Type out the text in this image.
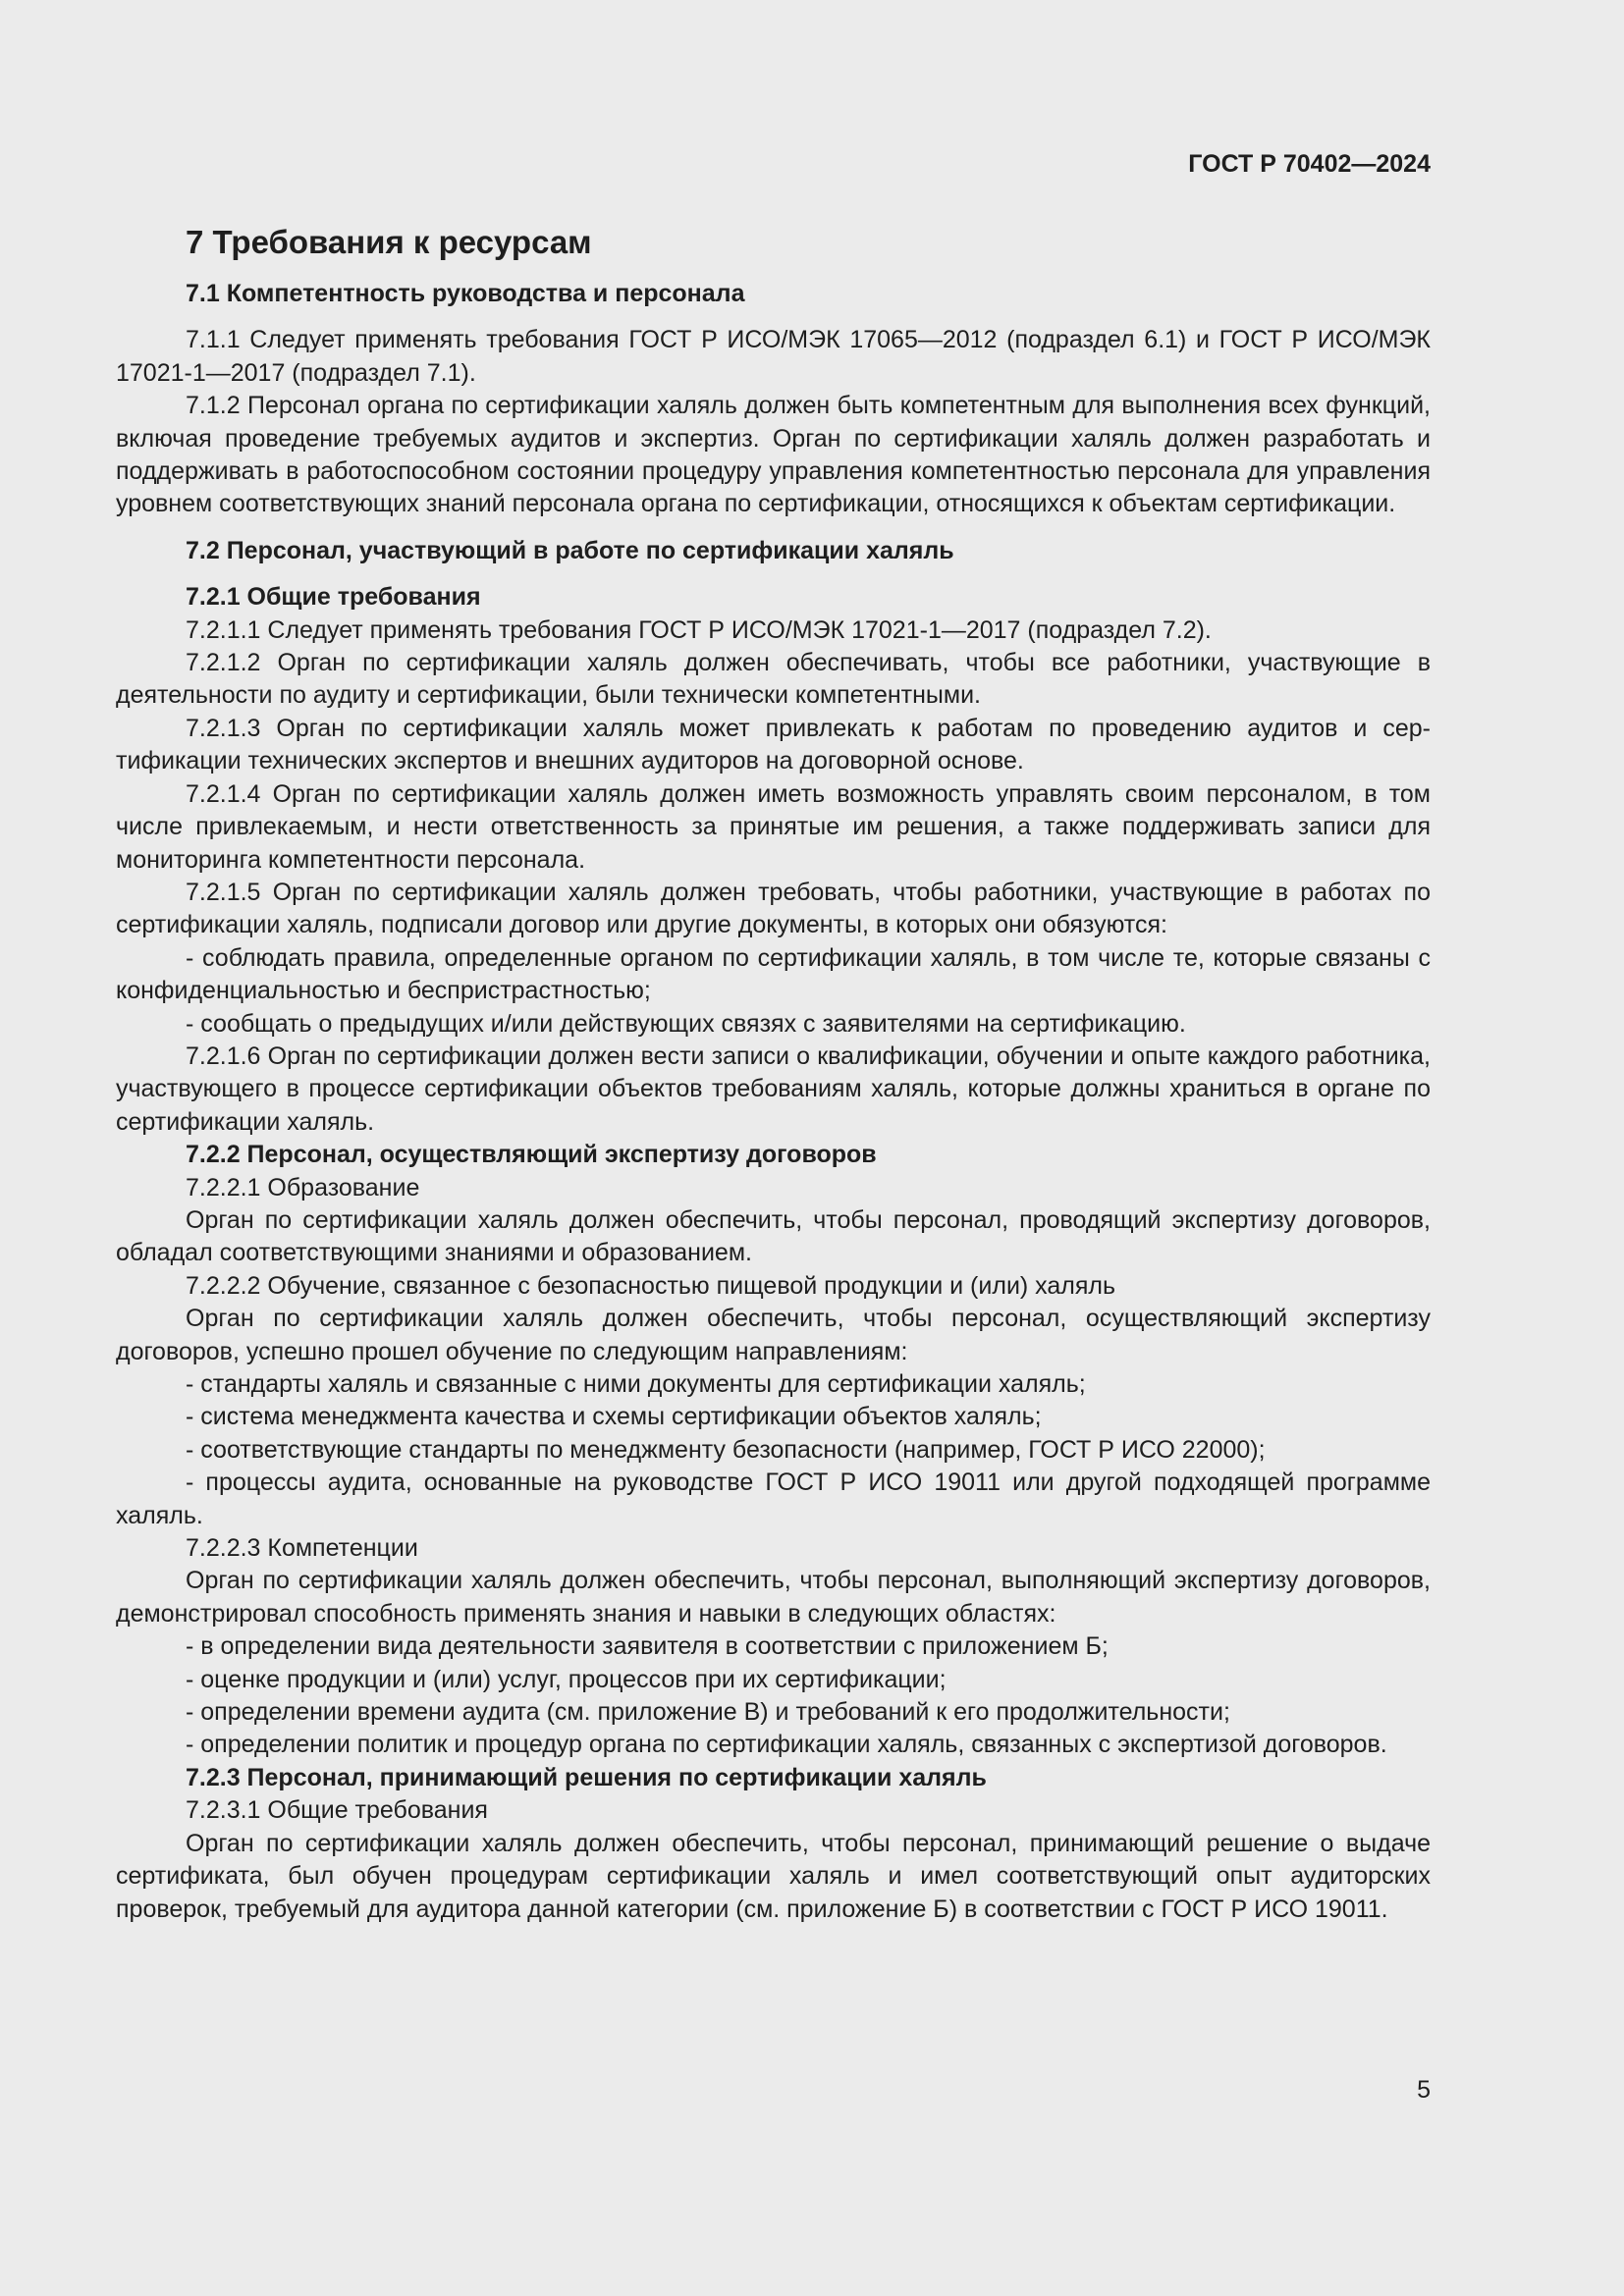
ГОСТ Р 70402—2024

7 Требования к ресурсам

7.1 Компетентность руководства и персонала

7.1.1 Следует применять требования ГОСТ Р ИСО/МЭК 17065—2012 (подраздел 6.1) и ГОСТ Р ИСО/МЭК 17021-1—2017 (подраздел 7.1).

7.1.2 Персонал органа по сертификации халяль должен быть компетентным для выполнения всех функций, включая проведение требуемых аудитов и экспертиз. Орган по сертификации халяль должен разработать и поддерживать в работоспособном состоянии процедуру управления компетентностью персонала для управления уровнем соответствующих знаний персонала органа по сертификации, относящихся к объектам сертификации.

7.2 Персонал, участвующий в работе по сертификации халяль

7.2.1 Общие требования

7.2.1.1 Следует применять требования ГОСТ Р ИСО/МЭК 17021-1—2017 (подраздел 7.2).

7.2.1.2 Орган по сертификации халяль должен обеспечивать, чтобы все работники, участвующие в деятельности по аудиту и сертификации, были технически компетентными.

7.2.1.3 Орган по сертификации халяль может привлекать к работам по проведению аудитов и сертификации технических экспертов и внешних аудиторов на договорной основе.

7.2.1.4 Орган по сертификации халяль должен иметь возможность управлять своим персоналом, в том числе привлекаемым, и нести ответственность за принятые им решения, а также поддерживать записи для мониторинга компетентности персонала.

7.2.1.5 Орган по сертификации халяль должен требовать, чтобы работники, участвующие в работах по сертификации халяль, подписали договор или другие документы, в которых они обязуются:

- соблюдать правила, определенные органом по сертификации халяль, в том числе те, которые связаны с конфиденциальностью и беспристрастностью;

- сообщать о предыдущих и/или действующих связях с заявителями на сертификацию.

7.2.1.6 Орган по сертификации должен вести записи о квалификации, обучении и опыте каждого работника, участвующего в процессе сертификации объектов требованиям халяль, которые должны храниться в органе по сертификации халяль.

7.2.2 Персонал, осуществляющий экспертизу договоров

7.2.2.1 Образование

Орган по сертификации халяль должен обеспечить, чтобы персонал, проводящий экспертизу договоров, обладал соответствующими знаниями и образованием.

7.2.2.2 Обучение, связанное с безопасностью пищевой продукции и (или) халяль

Орган по сертификации халяль должен обеспечить, чтобы персонал, осуществляющий экспертизу договоров, успешно прошел обучение по следующим направлениям:

- стандарты халяль и связанные с ними документы для сертификации халяль;

- система менеджмента качества и схемы сертификации объектов халяль;

- соответствующие стандарты по менеджменту безопасности (например, ГОСТ Р ИСО 22000);

- процессы аудита, основанные на руководстве ГОСТ Р ИСО 19011 или другой подходящей программе халяль.

7.2.2.3 Компетенции

Орган по сертификации халяль должен обеспечить, чтобы персонал, выполняющий экспертизу договоров, демонстрировал способность применять знания и навыки в следующих областях:

- в определении вида деятельности заявителя в соответствии с приложением Б;

- оценке продукции и (или) услуг, процессов при их сертификации;

- определении времени аудита (см. приложение В) и требований к его продолжительности;

- определении политик и процедур органа по сертификации халяль, связанных с экспертизой договоров.

7.2.3 Персонал, принимающий решения по сертификации халяль

7.2.3.1 Общие требования

Орган по сертификации халяль должен обеспечить, чтобы персонал, принимающий решение о выдаче сертификата, был обучен процедурам сертификации халяль и имел соответствующий опыт аудиторских проверок, требуемый для аудитора данной категории (см. приложение Б) в соответствии с ГОСТ Р ИСО 19011.

5
